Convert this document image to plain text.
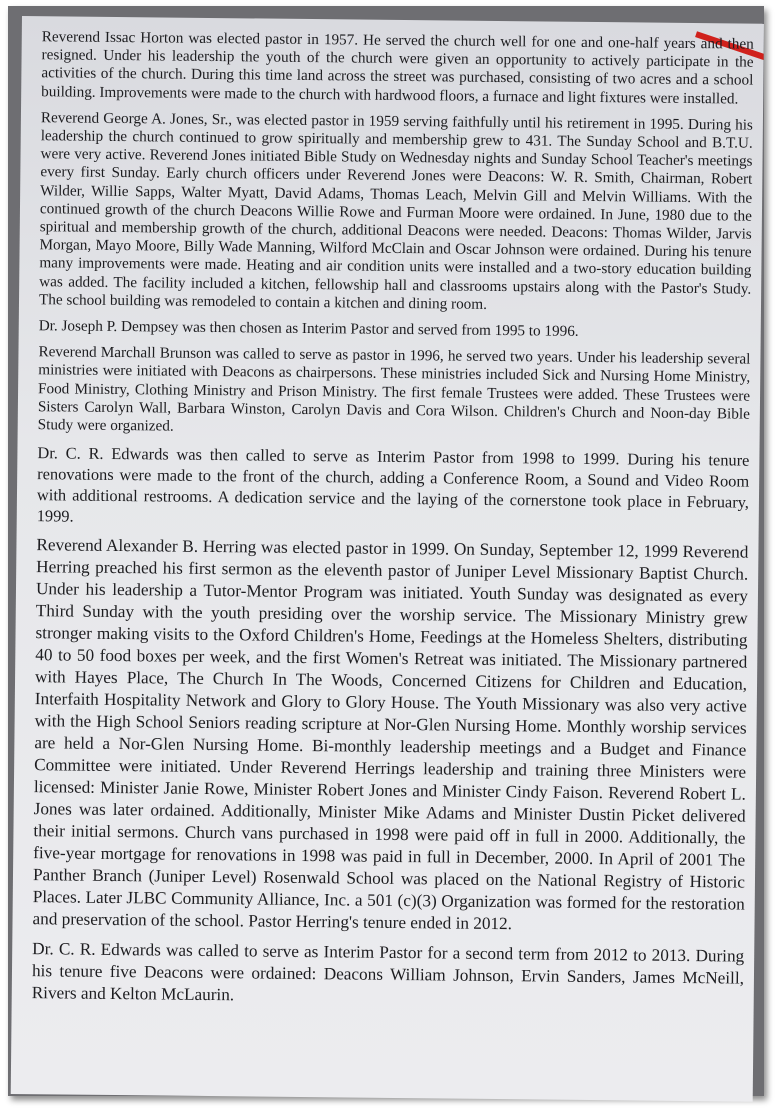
Reverend Issac Horton was elected pastor in 1957. He served the church well for one and one-half years and then resigned. Under his leadership the youth of the church were given an opportunity to actively participate in the activities of the church. During this time land across the street was purchased, consisting of two acres and a school building. Improvements were made to the church with hardwood floors, a furnace and light fixtures were installed.

Reverend George A. Jones, Sr., was elected pastor in 1959 serving faithfully until his retirement in 1995. During his leadership the church continued to grow spiritually and membership grew to 431. The Sunday School and B.T.U. were very active. Reverend Jones initiated Bible Study on Wednesday nights and Sunday School Teacher's meetings every first Sunday. Early church officers under Reverend Jones were Deacons: W. R. Smith, Chairman, Robert Wilder, Willie Sapps, Walter Myatt, David Adams, Thomas Leach, Melvin Gill and Melvin Williams. With the continued growth of the church Deacons Willie Rowe and Furman Moore were ordained. In June, 1980 due to the spiritual and membership growth of the church, additional Deacons were needed. Deacons: Thomas Wilder, Jarvis Morgan, Mayo Moore, Billy Wade Manning, Wilford McClain and Oscar Johnson were ordained. During his tenure many improvements were made. Heating and air condition units were installed and a two-story education building was added. The facility included a kitchen, fellowship hall and classrooms upstairs along with the Pastor's Study. The school building was remodeled to contain a kitchen and dining room.

Dr. Joseph P. Dempsey was then chosen as Interim Pastor and served from 1995 to 1996.

Reverend Marchall Brunson was called to serve as pastor in 1996, he served two years. Under his leadership several ministries were initiated with Deacons as chairpersons. These ministries included Sick and Nursing Home Ministry, Food Ministry, Clothing Ministry and Prison Ministry. The first female Trustees were added. These Trustees were Sisters Carolyn Wall, Barbara Winston, Carolyn Davis and Cora Wilson. Children's Church and Noon-day Bible Study were organized.

Dr. C. R. Edwards was then called to serve as Interim Pastor from 1998 to 1999. During his tenure renovations were made to the front of the church, adding a Conference Room, a Sound and Video Room with additional restrooms. A dedication service and the laying of the cornerstone took place in February, 1999.

Reverend Alexander B. Herring was elected pastor in 1999. On Sunday, September 12, 1999 Reverend Herring preached his first sermon as the eleventh pastor of Juniper Level Missionary Baptist Church. Under his leadership a Tutor-Mentor Program was initiated. Youth Sunday was designated as every Third Sunday with the youth presiding over the worship service. The Missionary Ministry grew stronger making visits to the Oxford Children's Home, Feedings at the Homeless Shelters, distributing 40 to 50 food boxes per week, and the first Women's Retreat was initiated. The Missionary partnered with Hayes Place, The Church In The Woods, Concerned Citizens for Children and Education, Interfaith Hospitality Network and Glory to Glory House. The Youth Missionary was also very active with the High School Seniors reading scripture at Nor-Glen Nursing Home. Monthly worship services are held a Nor-Glen Nursing Home. Bi-monthly leadership meetings and a Budget and Finance Committee were initiated. Under Reverend Herrings leadership and training three Ministers were licensed: Minister Janie Rowe, Minister Robert Jones and Minister Cindy Faison. Reverend Robert L. Jones was later ordained. Additionally, Minister Mike Adams and Minister Dustin Picket delivered their initial sermons. Church vans purchased in 1998 were paid off in full in 2000. Additionally, the five-year mortgage for renovations in 1998 was paid in full in December, 2000. In April of 2001 The Panther Branch (Juniper Level) Rosenwald School was placed on the National Registry of Historic Places. Later JLBC Community Alliance, Inc. a 501 (c)(3) Organization was formed for the restoration and preservation of the school. Pastor Herring's tenure ended in 2012.

Dr. C. R. Edwards was called to serve as Interim Pastor for a second term from 2012 to 2013. During his tenure five Deacons were ordained: Deacons William Johnson, Ervin Sanders, James McNeill, Rivers and Kelton McLaurin.
